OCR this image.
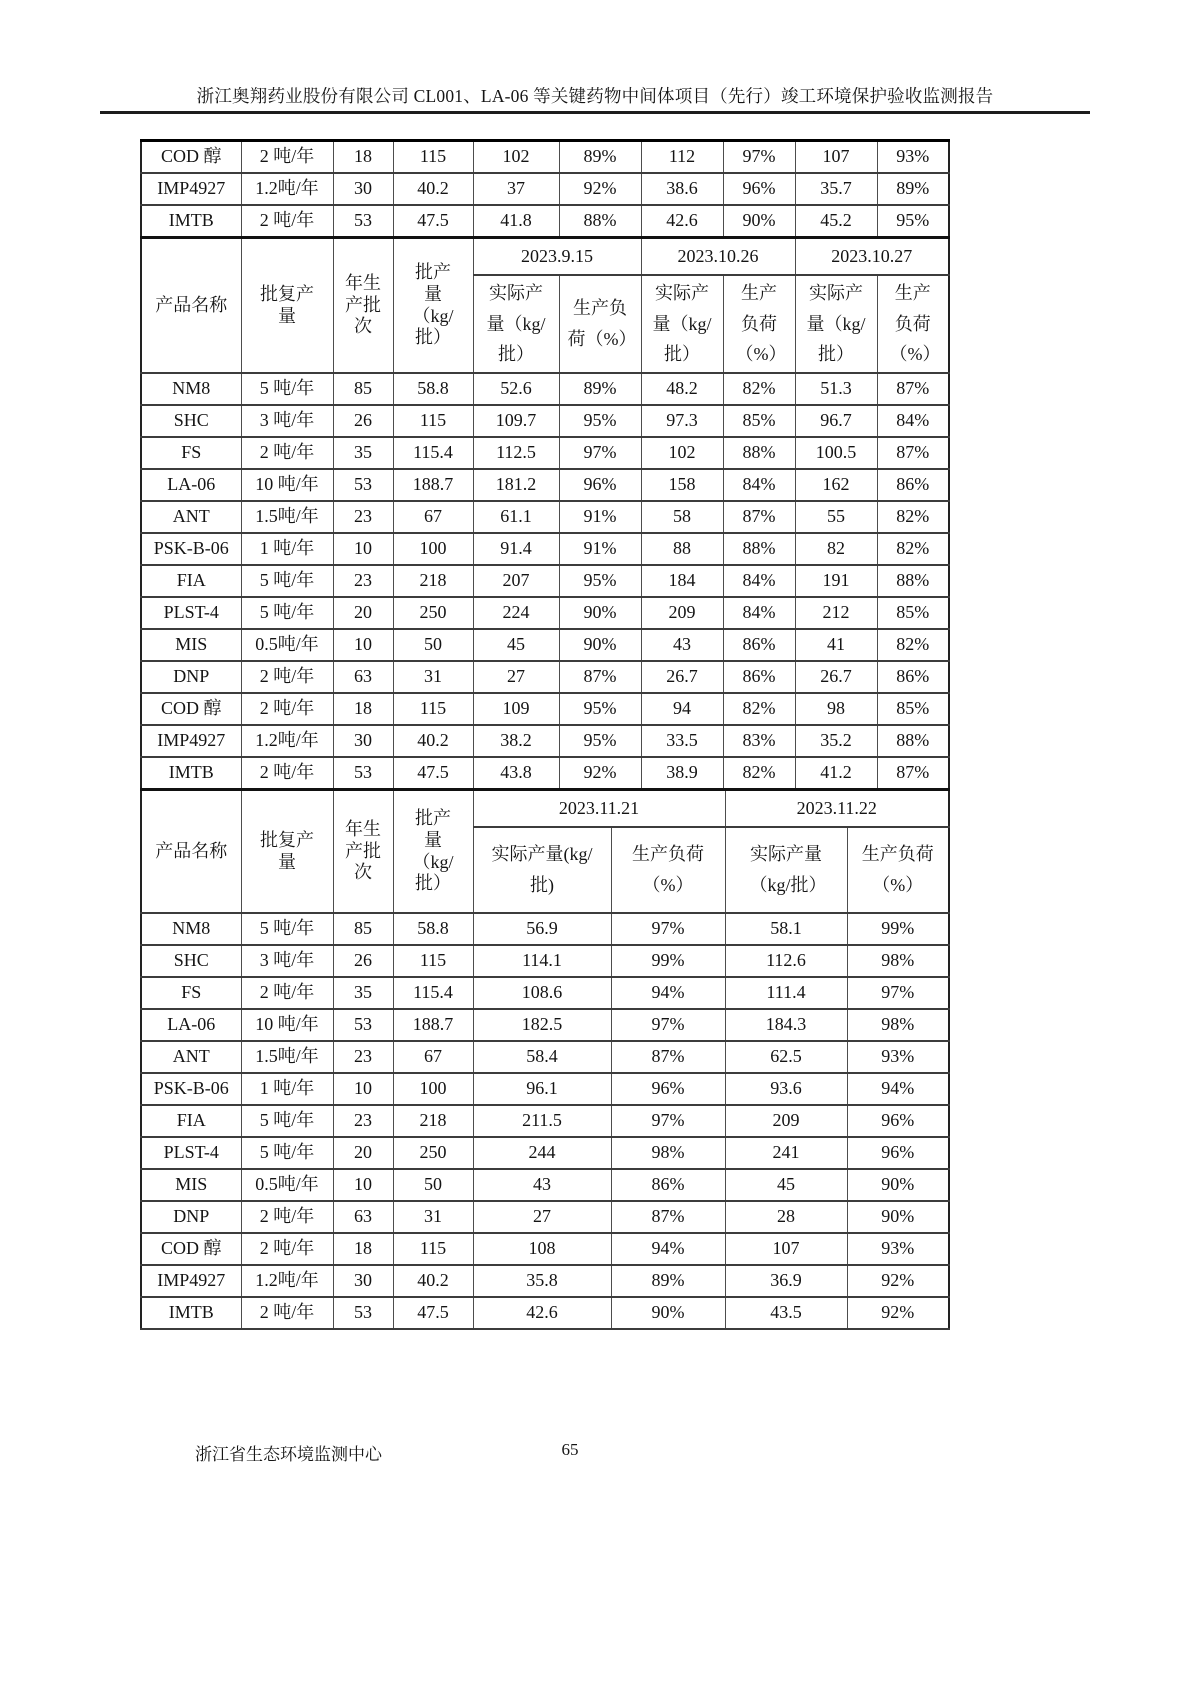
浙江奥翔药业股份有限公司 CL001、LA-06 等关键药物中间体项目（先行）竣工环境保护验收监测报告
COD 醇	2 吨/年	18	115	102	89%	112	97%	107	93%
IMP4927	1.2吨/年	30	40.2	37	92%	38.6	96%	35.7	89%
IMTB	2 吨/年	53	47.5	41.8	88%	42.6	90%	45.2	95%
产品名称	批复产量	年生产批次	批产量（kg/批）	2023.9.15		2023.10.26		2023.10.27	
				实际产量（kg/批）	生产负荷（%）	实际产量（kg/批）	生产负荷（%）	实际产量（kg/批）	生产负荷（%）
NM8	5 吨/年	85	58.8	52.6	89%	48.2	82%	51.3	87%
SHC	3 吨/年	26	115	109.7	95%	97.3	85%	96.7	84%
FS	2 吨/年	35	115.4	112.5	97%	102	88%	100.5	87%
LA-06	10 吨/年	53	188.7	181.2	96%	158	84%	162	86%
ANT	1.5吨/年	23	67	61.1	91%	58	87%	55	82%
PSK-B-06	1 吨/年	10	100	91.4	91%	88	88%	82	82%
FIA	5 吨/年	23	218	207	95%	184	84%	191	88%
PLST-4	5 吨/年	20	250	224	90%	209	84%	212	85%
MIS	0.5吨/年	10	50	45	90%	43	86%	41	82%
DNP	2 吨/年	63	31	27	87%	26.7	86%	26.7	86%
COD 醇	2 吨/年	18	115	109	95%	94	82%	98	85%
IMP4927	1.2吨/年	30	40.2	38.2	95%	33.5	83%	35.2	88%
IMTB	2 吨/年	53	47.5	43.8	92%	38.9	82%	41.2	87%
产品名称	批复产量	年生产批次	批产量（kg/批）	2023.11.21		2023.11.22	
				实际产量(kg/批)	生产负荷（%）	实际产量（kg/批）	生产负荷（%）
NM8	5 吨/年	85	58.8	56.9	97%	58.1	99%
SHC	3 吨/年	26	115	114.1	99%	112.6	98%
FS	2 吨/年	35	115.4	108.6	94%	111.4	97%
LA-06	10 吨/年	53	188.7	182.5	97%	184.3	98%
ANT	1.5吨/年	23	67	58.4	87%	62.5	93%
PSK-B-06	1 吨/年	10	100	96.1	96%	93.6	94%
FIA	5 吨/年	23	218	211.5	97%	209	96%
PLST-4	5 吨/年	20	250	244	98%	241	96%
MIS	0.5吨/年	10	50	43	86%	45	90%
DNP	2 吨/年	63	31	27	87%	28	90%
COD 醇	2 吨/年	18	115	108	94%	107	93%
IMP4927	1.2吨/年	30	40.2	35.8	89%	36.9	92%
IMTB	2 吨/年	53	47.5	42.6	90%	43.5	92%
浙江省生态环境监测中心	65
